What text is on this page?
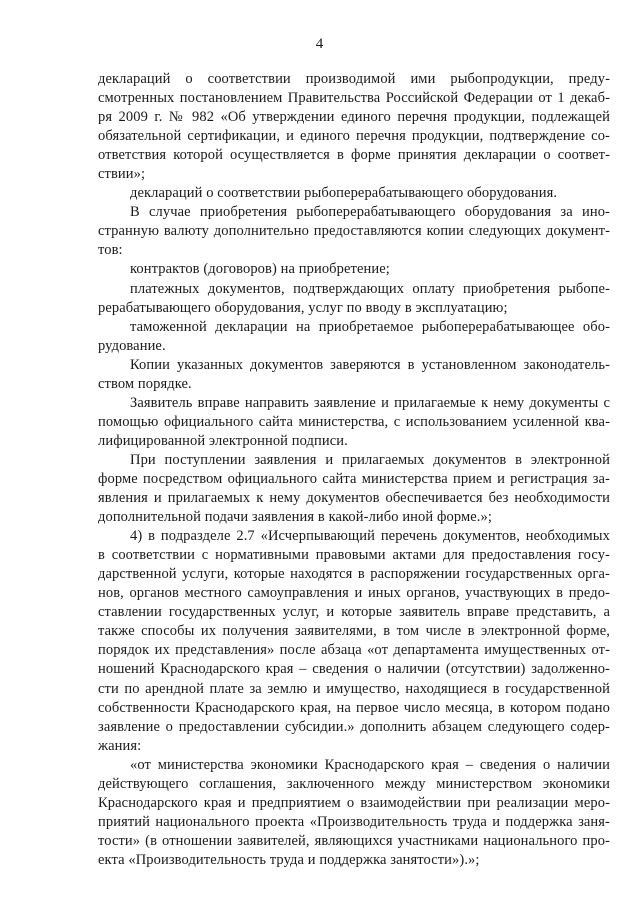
4
деклараций о соответствии производимой ими рыбопродукции, преду-
смотренных постановлением Правительства Российской Федерации от 1 декаб-
ря 2009 г. № 982 «Об утверждении единого перечня продукции, подлежащей
обязательной сертификации, и единого перечня продукции, подтверждение со-
ответствия которой осуществляется в форме принятия декларации о соответ-
ствии»;
деклараций о соответствии рыбоперерабатывающего оборудования.
В случае приобретения рыбоперерабатывающего оборудования за ино-
странную валюту дополнительно предоставляются копии следующих документ-
тов:
контрактов (договоров) на приобретение;
платежных документов, подтверждающих оплату приобретения рыбопе-
рерабатывающего оборудования, услуг по вводу в эксплуатацию;
таможенной декларации на приобретаемое рыбоперерабатывающее обо-
рудование.
Копии указанных документов заверяются в установленном законодатель-
ством порядке.
Заявитель вправе направить заявление и прилагаемые к нему документы с
помощью официального сайта министерства, с использованием усиленной ква-
лифицированной электронной подписи.
При поступлении заявления и прилагаемых документов в электронной
форме посредством официального сайта министерства прием и регистрация за-
явления и прилагаемых к нему документов обеспечивается без необходимости
дополнительной подачи заявления в какой-либо иной форме.»;
4) в подразделе 2.7 «Исчерпывающий перечень документов, необходимых
в соответствии с нормативными правовыми актами для предоставления госу-
дарственной услуги, которые находятся в распоряжении государственных орга-
нов, органов местного самоуправления и иных органов, участвующих в предо-
ставлении государственных услуг, и которые заявитель вправе представить, а
также способы их получения заявителями, в том числе в электронной форме,
порядок их представления» после абзаца «от департамента имущественных от-
ношений Краснодарского края – сведения о наличии (отсутствии) задолженно-
сти по арендной плате за землю и имущество, находящиеся в государственной
собственности Краснодарского края, на первое число месяца, в котором подано
заявление о предоставлении субсидии.» дополнить абзацем следующего содер-
жания:
«от министерства экономики Краснодарского края – сведения о наличии
действующего соглашения, заключенного между министерством экономики
Краснодарского края и предприятием о взаимодействии при реализации меро-
приятий национального проекта «Производительность труда и поддержка заня-
тости» (в отношении заявителей, являющихся участниками национального про-
екта «Производительность труда и поддержка занятости»).»;
